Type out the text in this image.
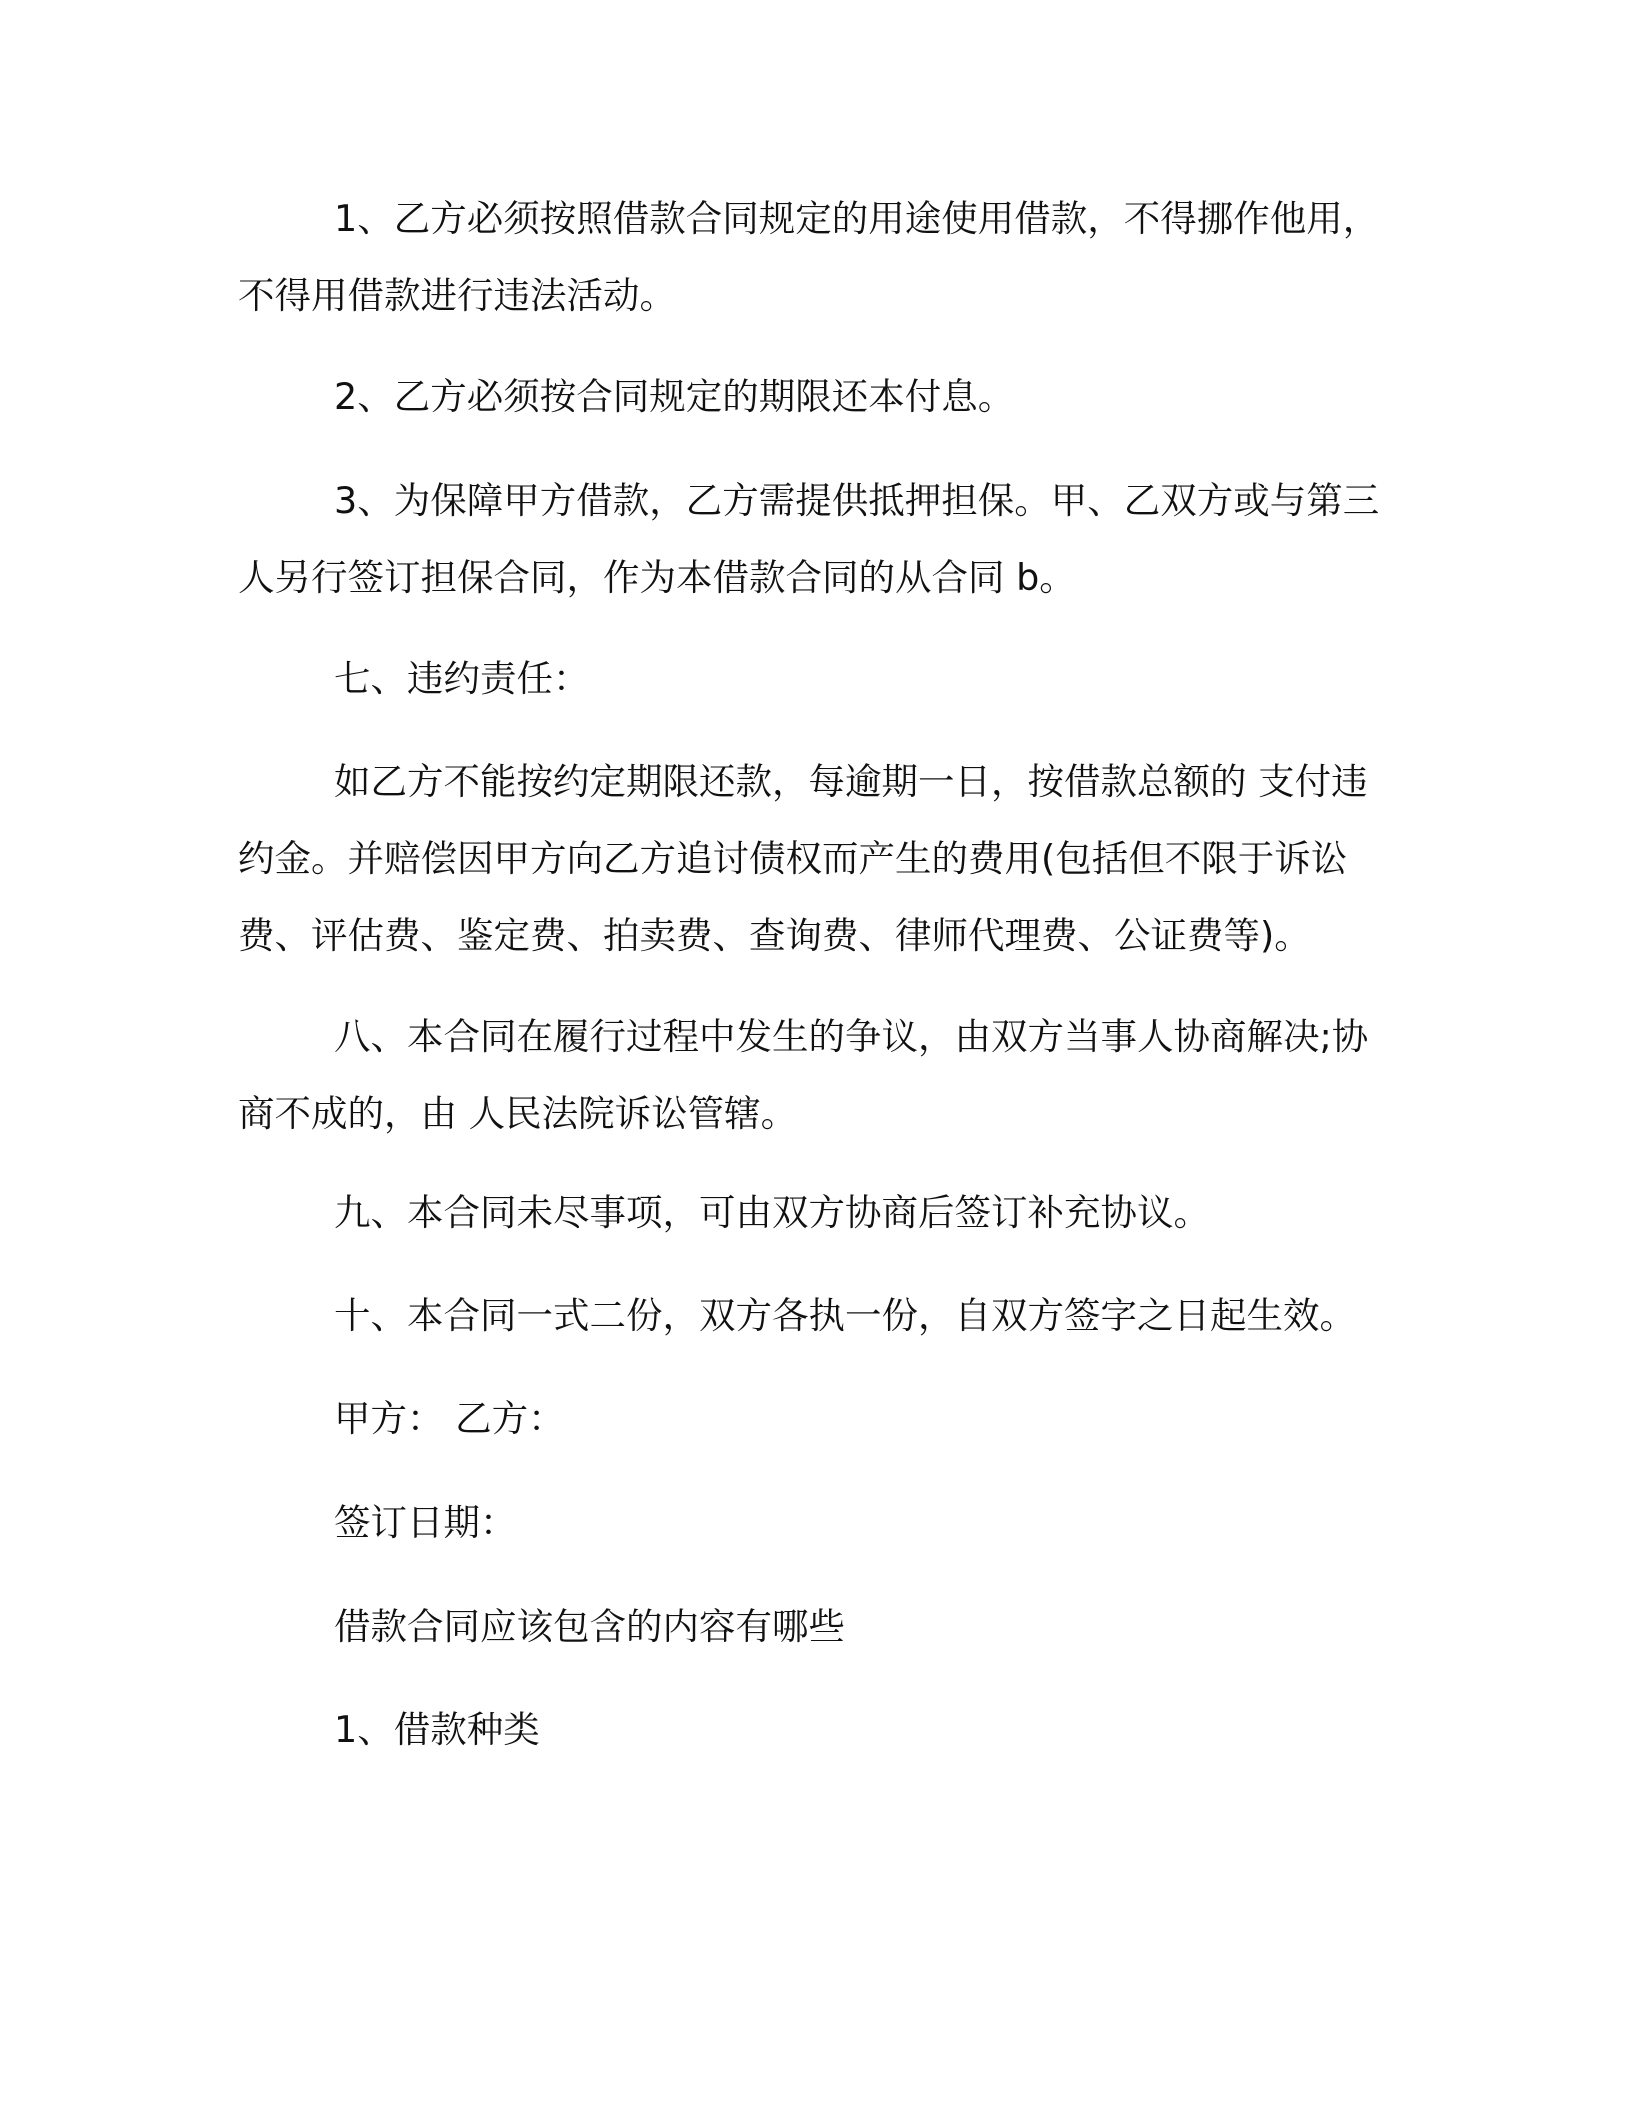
1、乙方必须按照借款合同规定的用途使用借款，不得挪作他用，不得用借款进行违法活动。

2、乙方必须按合同规定的期限还本付息。

3、为保障甲方借款，乙方需提供抵押担保。甲、乙双方或与第三人另行签订担保合同，作为本借款合同的从合同 b。

七、违约责任：

如乙方不能按约定期限还款，每逾期一日，按借款总额的 支付违约金。并赔偿因甲方向乙方追讨债权而产生的费用(包括但不限于诉讼费、评估费、鉴定费、拍卖费、查询费、律师代理费、公证费等)。

八、本合同在履行过程中发生的争议，由双方当事人协商解决;协商不成的，由 人民法院诉讼管辖。

九、本合同未尽事项，可由双方协商后签订补充协议。

十、本合同一式二份，双方各执一份，自双方签字之日起生效。

甲方： 乙方：

签订日期：

借款合同应该包含的内容有哪些

1、借款种类
